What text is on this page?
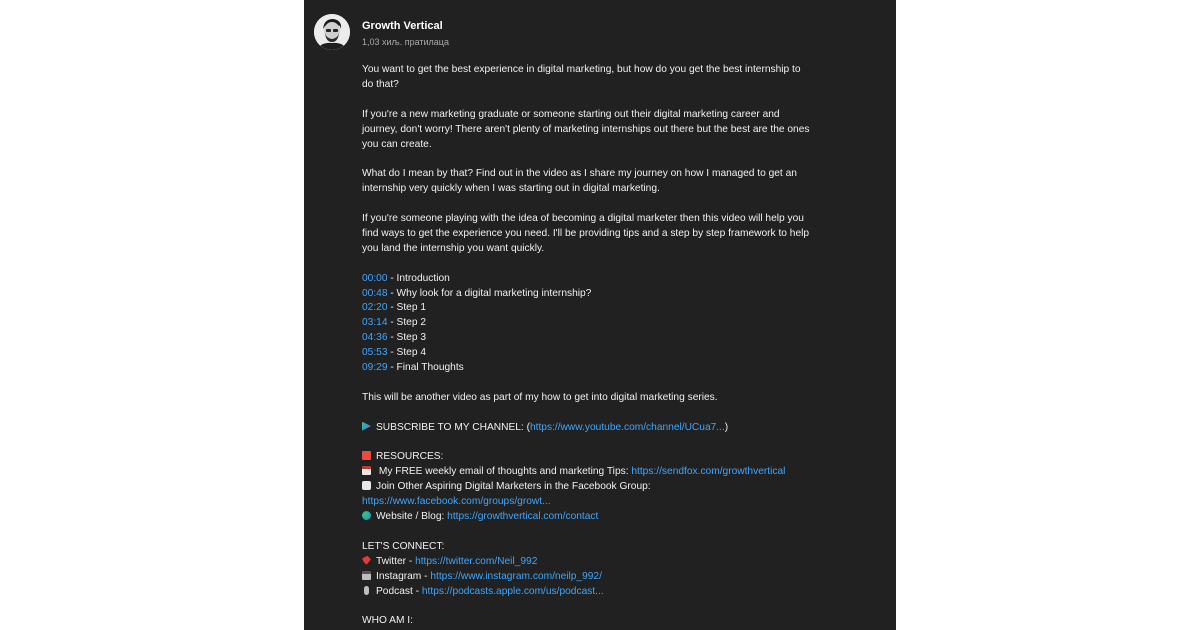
Growth Vertical
1,03 хиљ. пратилаца

You want to get the best experience in digital marketing, but how do you get the best internship to
do that?

If you're a new marketing graduate or someone starting out their digital marketing career and
journey, don't worry! There aren't plenty of marketing internships out there but the best are the ones
you can create.

What do I mean by that? Find out in the video as I share my journey on how I managed to get an
internship very quickly when I was starting out in digital marketing.

If you're someone playing with the idea of becoming a digital marketer then this video will help you
find ways to get the experience you need. I'll be providing tips and a step by step framework to help
you land the internship you want quickly.

00:00 - Introduction
00:48 - Why look for a digital marketing internship?
02:20 - Step 1
03:14 - Step 2
04:36 - Step 3
05:53 - Step 4
09:29 - Final Thoughts

This will be another video as part of my how to get into digital marketing series.

SUBSCRIBE TO MY CHANNEL: (https://www.youtube.com/channel/UCua7...)

RESOURCES:
My FREE weekly email of thoughts and marketing Tips: https://sendfox.com/growthvertical
Join Other Aspiring Digital Marketers in the Facebook Group:
https://www.facebook.com/groups/growt...
Website / Blog: https://growthvertical.com/contact

LET'S CONNECT:
Twitter - https://twitter.com/Neil_992
Instagram - https://www.instagram.com/neilp_992/
Podcast - https://podcasts.apple.com/us/podcast...

WHO AM I:
